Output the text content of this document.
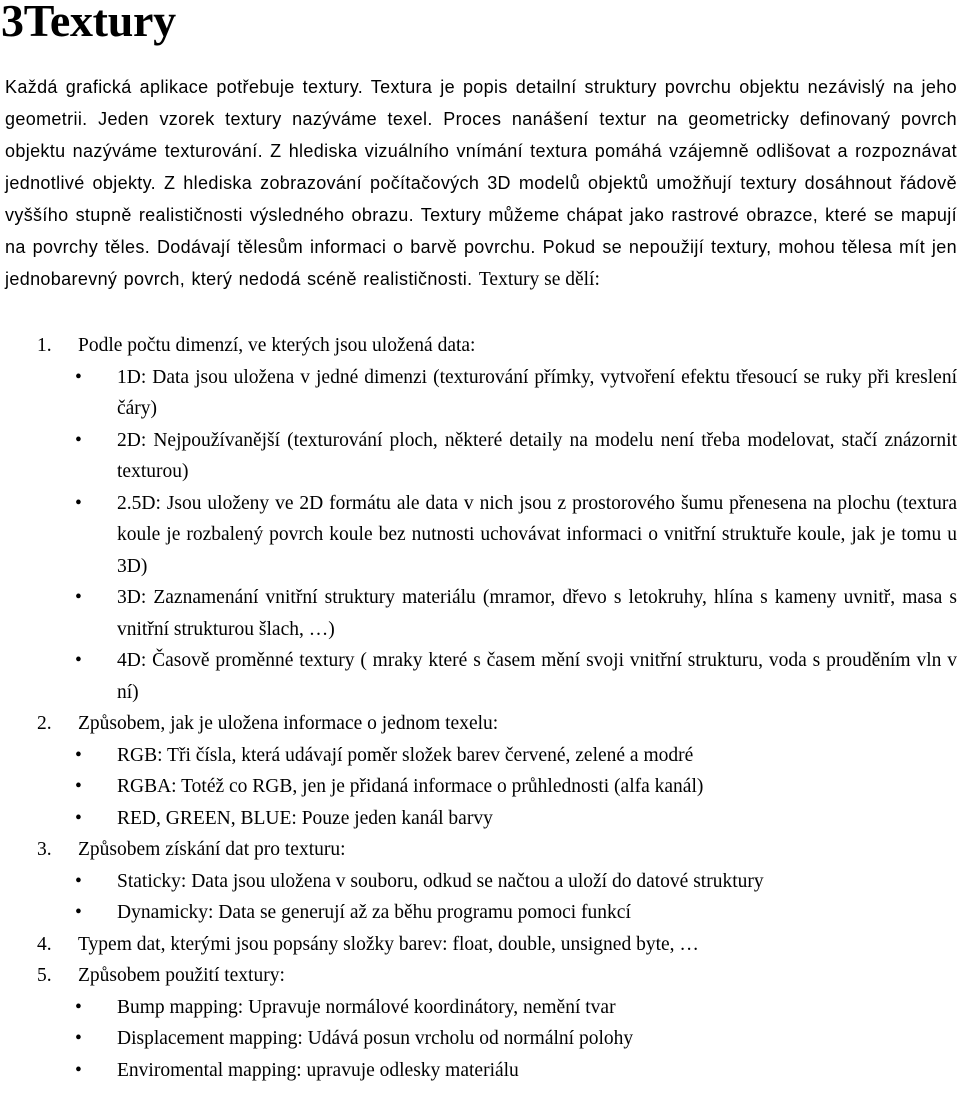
3Textury

Každá grafická aplikace potřebuje textury. Textura je popis detailní struktury povrchu objektu nezávislý na jeho geometrii. Jeden vzorek textury nazýváme texel. Proces nanášení textur na geometricky definovaný povrch objektu nazýváme texturování. Z hlediska vizuálního vnímání textura pomáhá vzájemně odlišovat a rozpoznávat jednotlivé objekty. Z hlediska zobrazování počítačových 3D modelů objektů umožňují textury dosáhnout řádově vyššího stupně realističnosti výsledného obrazu. Textury můžeme chápat jako rastrové obrazce, které se mapují na povrchy těles. Dodávají tělesům informaci o barvě povrchu. Pokud se nepoužijí textury, mohou tělesa mít jen jednobarevný povrch, který nedodá scéně realističnosti. Textury se dělí:

1. Podle počtu dimenzí, ve kterých jsou uložená data:
• 1D: Data jsou uložena v jedné dimenzi (texturování přímky, vytvoření efektu třesoucí se ruky při kreslení čáry)
• 2D: Nejpoužívanější (texturování ploch, některé detaily na modelu není třeba modelovat, stačí znázornit texturou)
• 2.5D: Jsou uloženy ve 2D formátu ale data v nich jsou z prostorového šumu přenesena na plochu (textura koule je rozbalený povrch koule bez nutnosti uchovávat informaci o vnitřní struktuře koule, jak je tomu u 3D)
• 3D: Zaznamenání vnitřní struktury materiálu (mramor, dřevo s letokruhy, hlína s kameny uvnitř, masa s vnitřní strukturou šlach, …)
• 4D: Časově proměnné textury ( mraky které s časem mění svoji vnitřní strukturu, voda s prouděním vln v ní)
2. Způsobem, jak je uložena informace o jednom texelu:
• RGB: Tři čísla, která udávají poměr složek barev červené, zelené a modré
• RGBA: Totéž co RGB, jen je přidaná informace o průhlednosti (alfa kanál)
• RED, GREEN, BLUE: Pouze jeden kanál barvy
3. Způsobem získání dat pro texturu:
• Staticky: Data jsou uložena v souboru, odkud se načtou a uloží do datové struktury
• Dynamicky: Data se generují až za běhu programu pomoci funkcí
4. Typem dat, kterými jsou popsány složky barev: float, double, unsigned byte, …
5. Způsobem použití textury:
• Bump mapping: Upravuje normálové koordinátory, nemění tvar
• Displacement mapping: Udává posun vrcholu od normální polohy
• Enviromental mapping: upravuje odlesky materiálu
